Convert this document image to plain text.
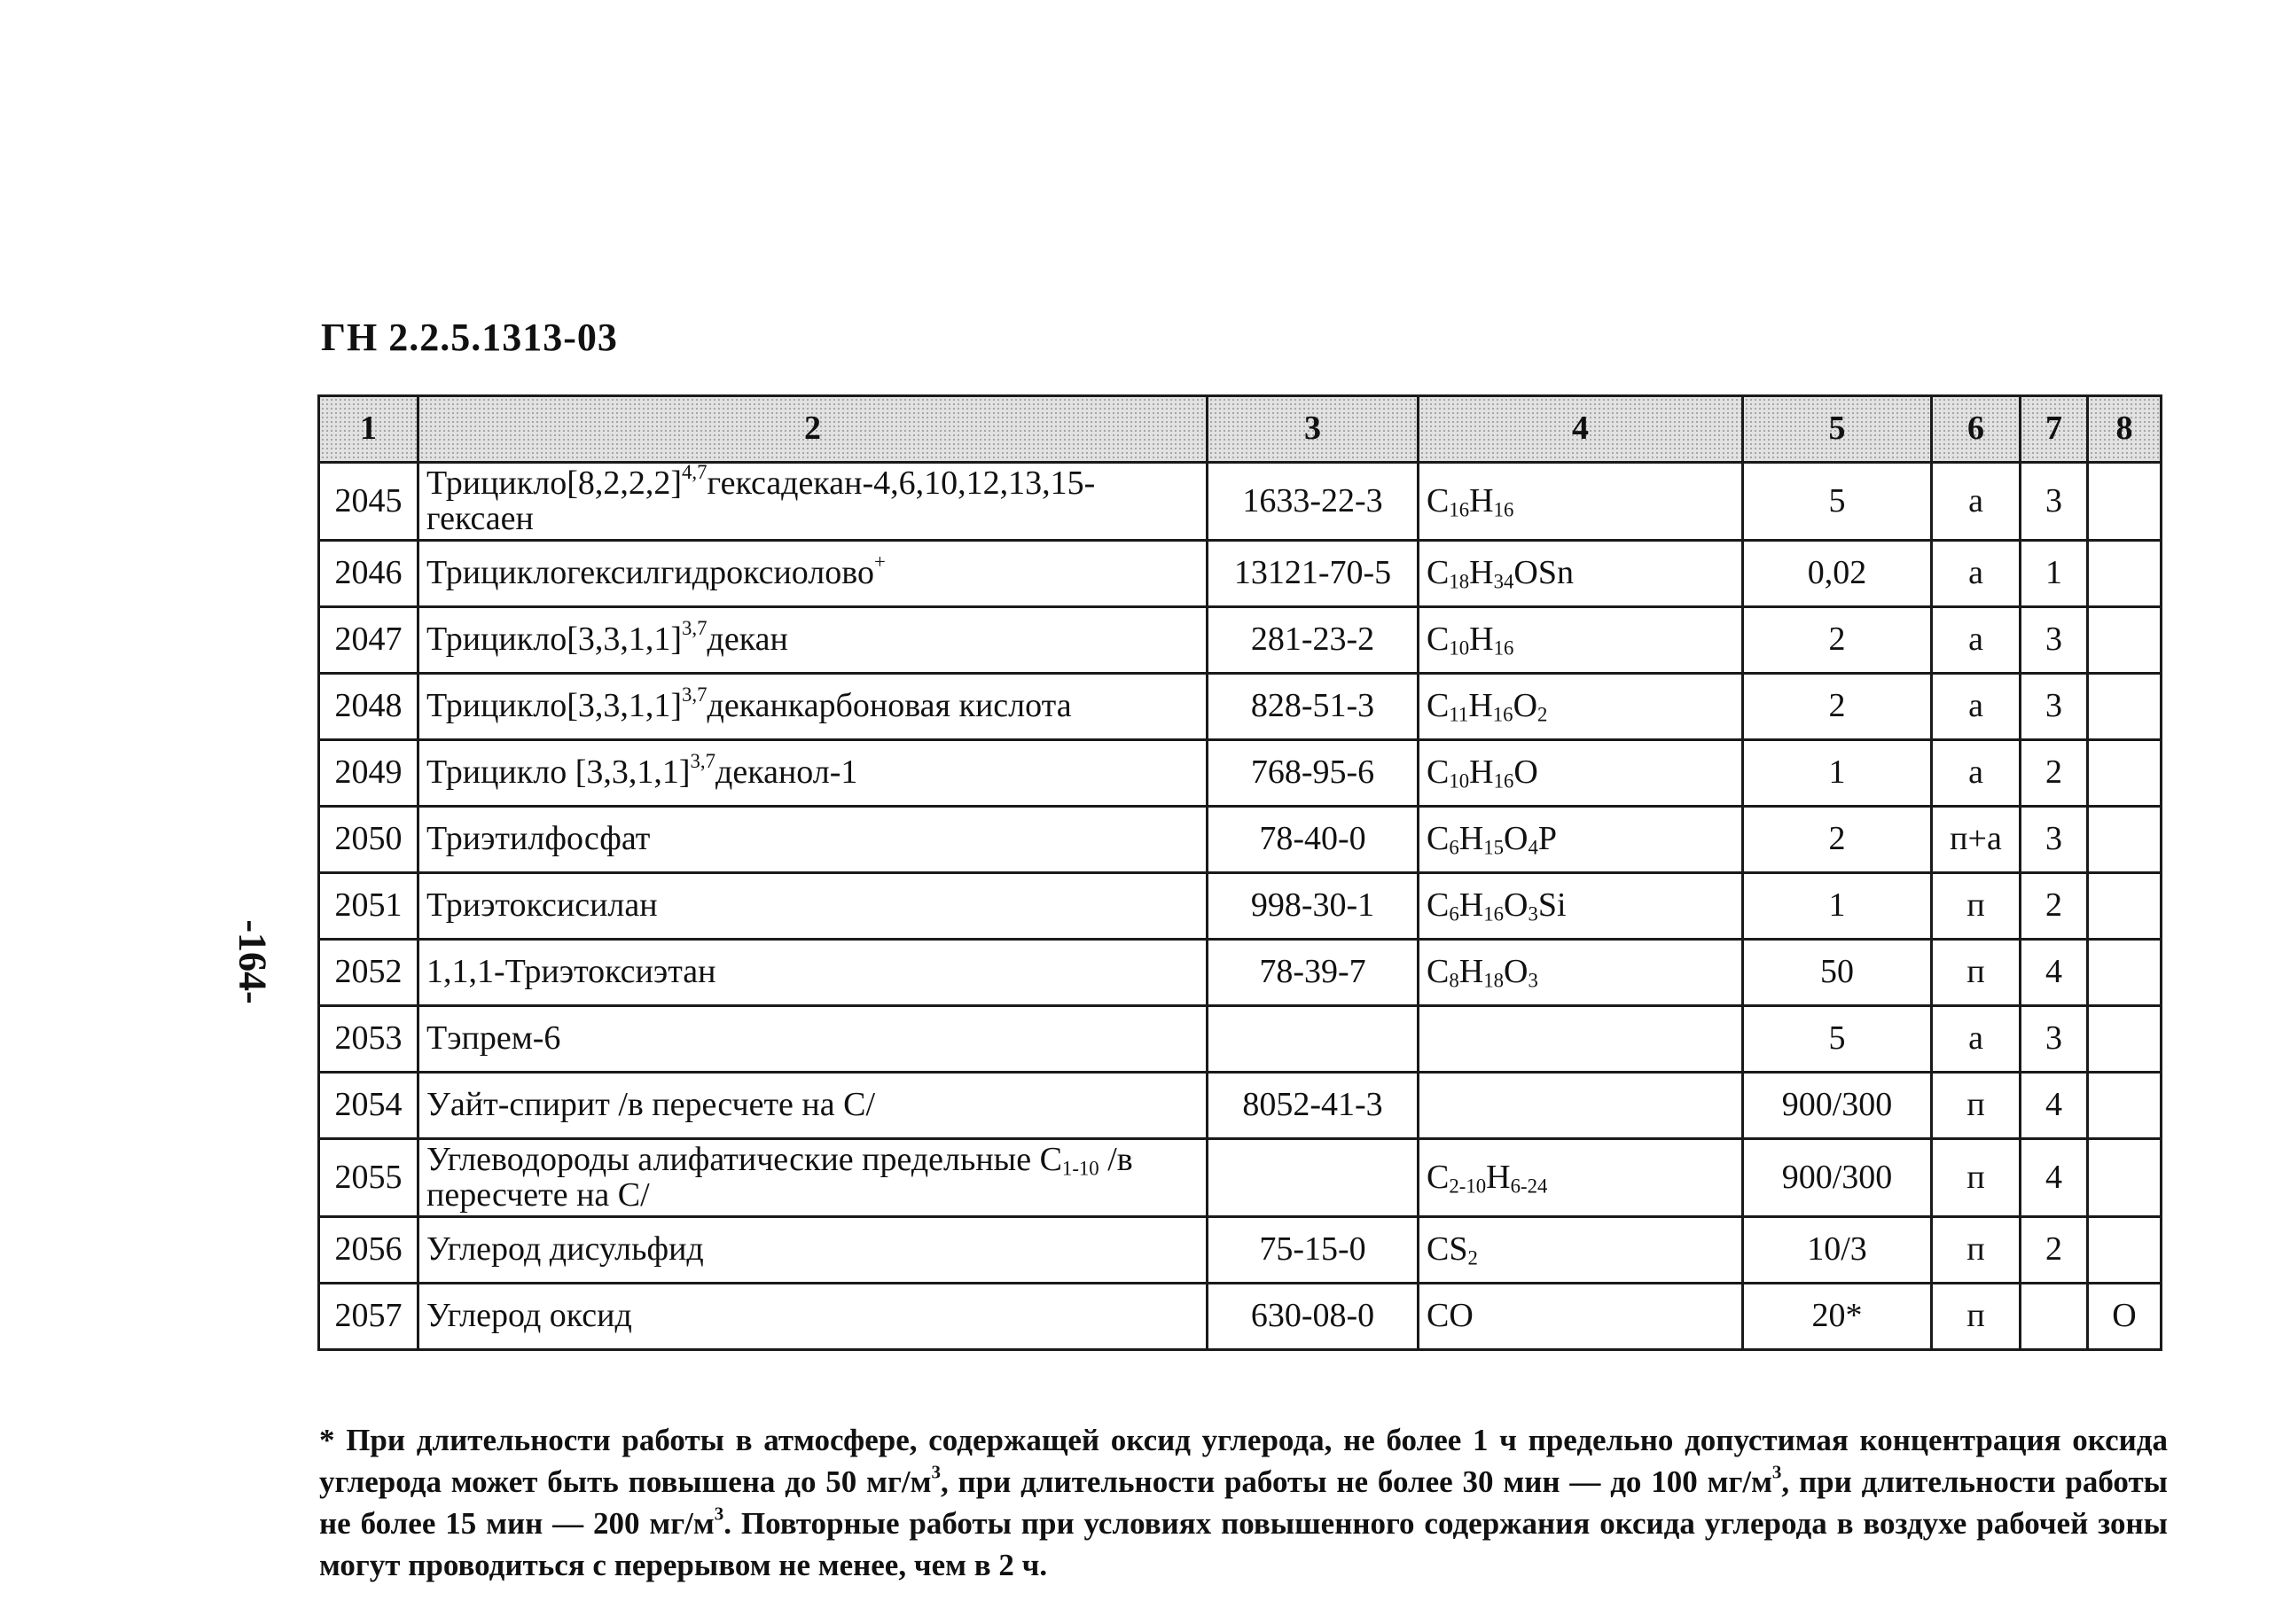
ГН 2.2.5.1313-03
-164-
1	2	3	4	5	6	7	8
2045	$Трицикло[8,2,2,2]^{4,7}гексадекан-4,6,10,12,13,15$-гексаен	1633-22-3	$C_{16}H_{16}$	5	а	3	
2046	Трициклогексилгидроксиолово+	13121-70-5	$C_{18}H_{34}OSn$	0,02	а	1	
2047	$Трицикло[3,3,1,1]^{3,7}декан$	281-23-2	$C_{10}H_{16}$	2	а	3	
2048	$Трицикло[3,3,1,1]^{3,7}деканкарбоновая$ кислота	828-51-3	$C_{11}H_{16}O_2$	2	а	3	
2049	Трицикло $[3,3,1,1]^{3,7}деканол-1$	768-95-6	$C_{10}H_{16}O$	1	а	2	
2050	Триэтилфосфат	78-40-0	$C_6H_{15}O_4P$	2	п+а	3	
2051	Триэтоксисилан	998-30-1	$C_6H_{16}O_3Si$	1	п	2	
2052	1,1,1-Триэтоксиэтан	78-39-7	$C_8H_{18}O_3$	50	п	4	
2053	Тэпрем-6			5	а	3	
2054	Уайт-спирит /в пересчете на С/	8052-41-3		900/300	п	4	
2055	Углеводороды алифатические предельные $C_{1-10}$ /в пересчете на С/		$C_{2-10}H_{6-24}$	900/300	п	4	
2056	Углерод дисульфид	75-15-0	$CS_2$	10/3	п	2	
2057	Углерод оксид	630-08-0	CO	20*	п		О
* При длительности работы в атмосфере, содержащей оксид углерода, не более 1 ч предельно допустимая концентрация оксида углерода может быть повышена до 50 $мг/м^3$, при длительности работы не более 30 мин — до 100 $мг/м^3$, при длительности работы не более 15 мин — 200 $мг/м^3$. Повторные работы при условиях повышенного содержания оксида углерода в воздухе рабочей зоны могут проводиться с перерывом не менее, чем в 2 ч.
